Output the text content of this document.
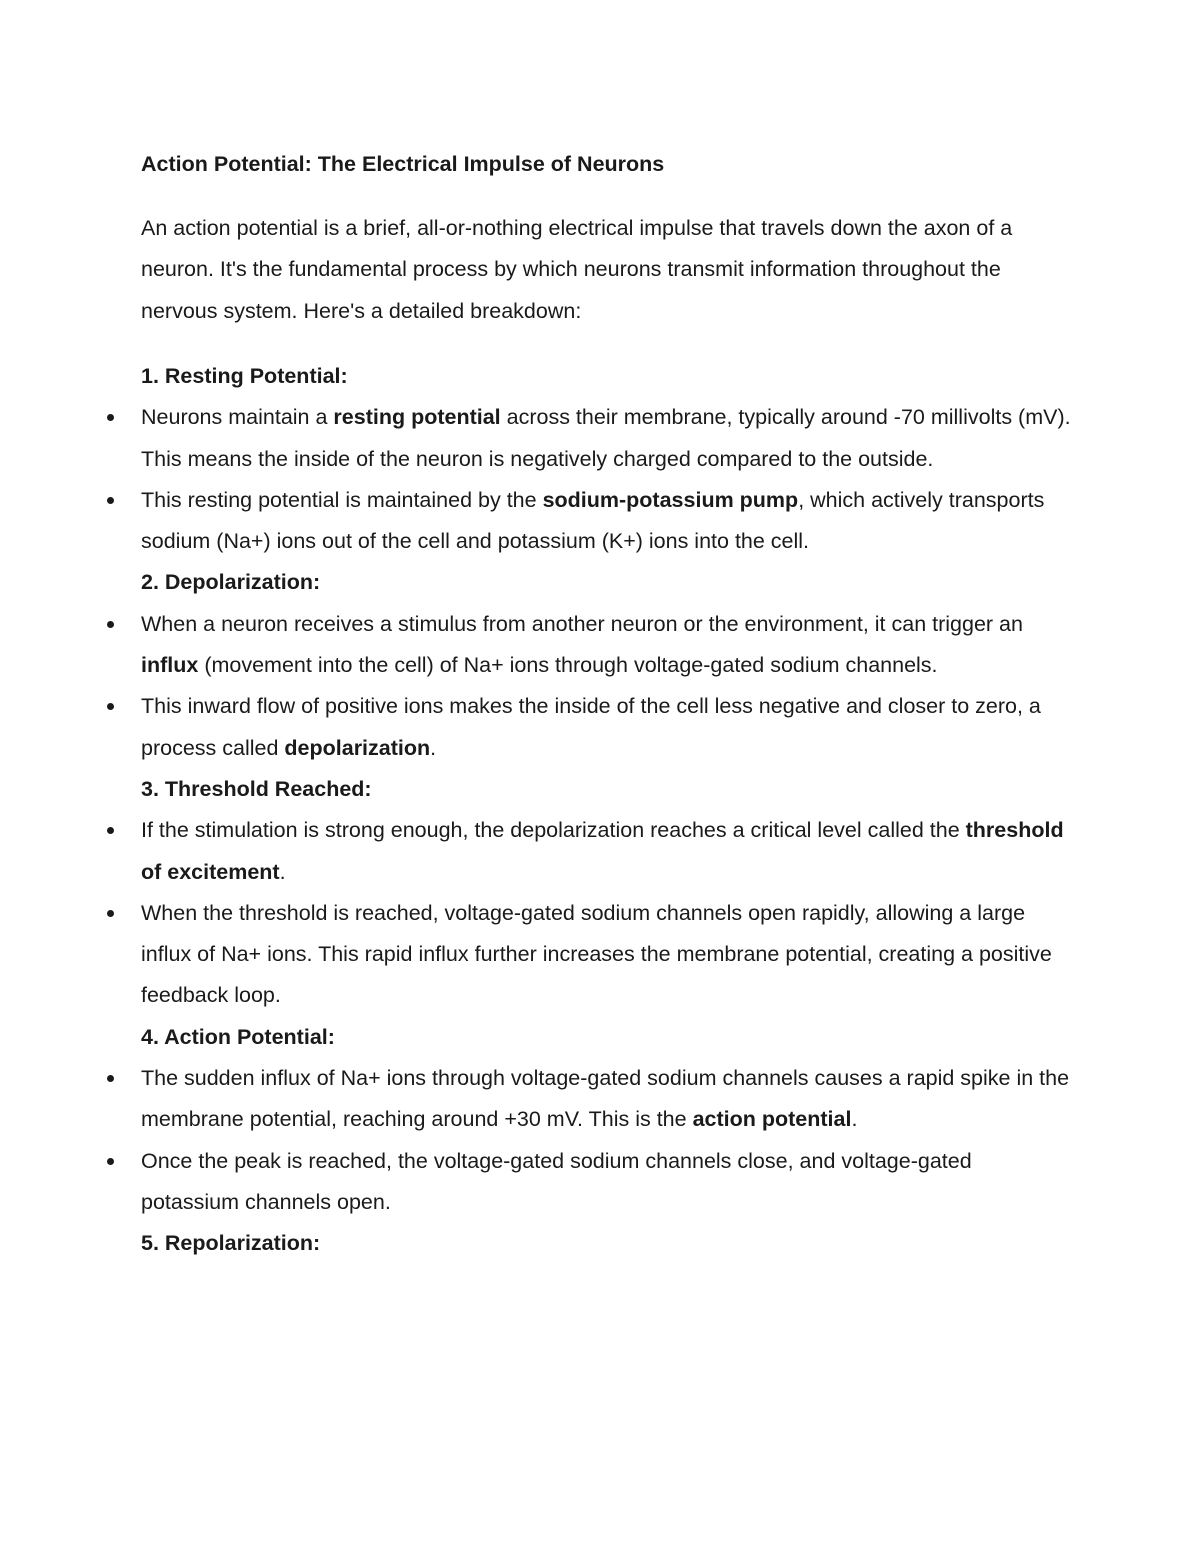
Action Potential: The Electrical Impulse of Neurons

An action potential is a brief, all-or-nothing electrical impulse that travels down the axon of a neuron. It's the fundamental process by which neurons transmit information throughout the nervous system. Here's a detailed breakdown:

1. Resting Potential:
Neurons maintain a resting potential across their membrane, typically around -70 millivolts (mV). This means the inside of the neuron is negatively charged compared to the outside.
This resting potential is maintained by the sodium-potassium pump, which actively transports sodium (Na+) ions out of the cell and potassium (K+) ions into the cell.
2. Depolarization:
When a neuron receives a stimulus from another neuron or the environment, it can trigger an influx (movement into the cell) of Na+ ions through voltage-gated sodium channels.
This inward flow of positive ions makes the inside of the cell less negative and closer to zero, a process called depolarization.
3. Threshold Reached:
If the stimulation is strong enough, the depolarization reaches a critical level called the threshold of excitement.
When the threshold is reached, voltage-gated sodium channels open rapidly, allowing a large influx of Na+ ions. This rapid influx further increases the membrane potential, creating a positive feedback loop.
4. Action Potential:
The sudden influx of Na+ ions through voltage-gated sodium channels causes a rapid spike in the membrane potential, reaching around +30 mV. This is the action potential.
Once the peak is reached, the voltage-gated sodium channels close, and voltage-gated potassium channels open.
5. Repolarization:
